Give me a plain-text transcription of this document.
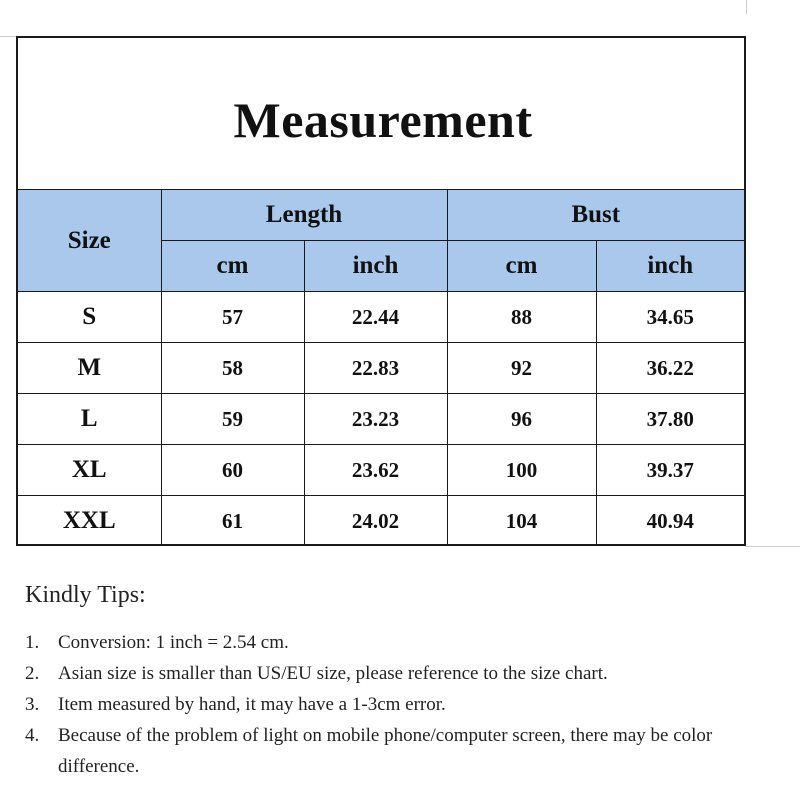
Measurement
Size	Length		Bust	
	cm	inch	cm	inch
S	57	22.44	88	34.65
M	58	22.83	92	36.22
L	59	23.23	96	37.80
XL	60	23.62	100	39.37
XXL	61	24.02	104	40.94
Kindly Tips:
1. Conversion: 1 inch = 2.54 cm.
2. Asian size is smaller than US/EU size, please reference to the size chart.
3. Item measured by hand, it may have a 1-3cm error.
4. Because of the problem of light on mobile phone/computer screen, there may be color difference.
